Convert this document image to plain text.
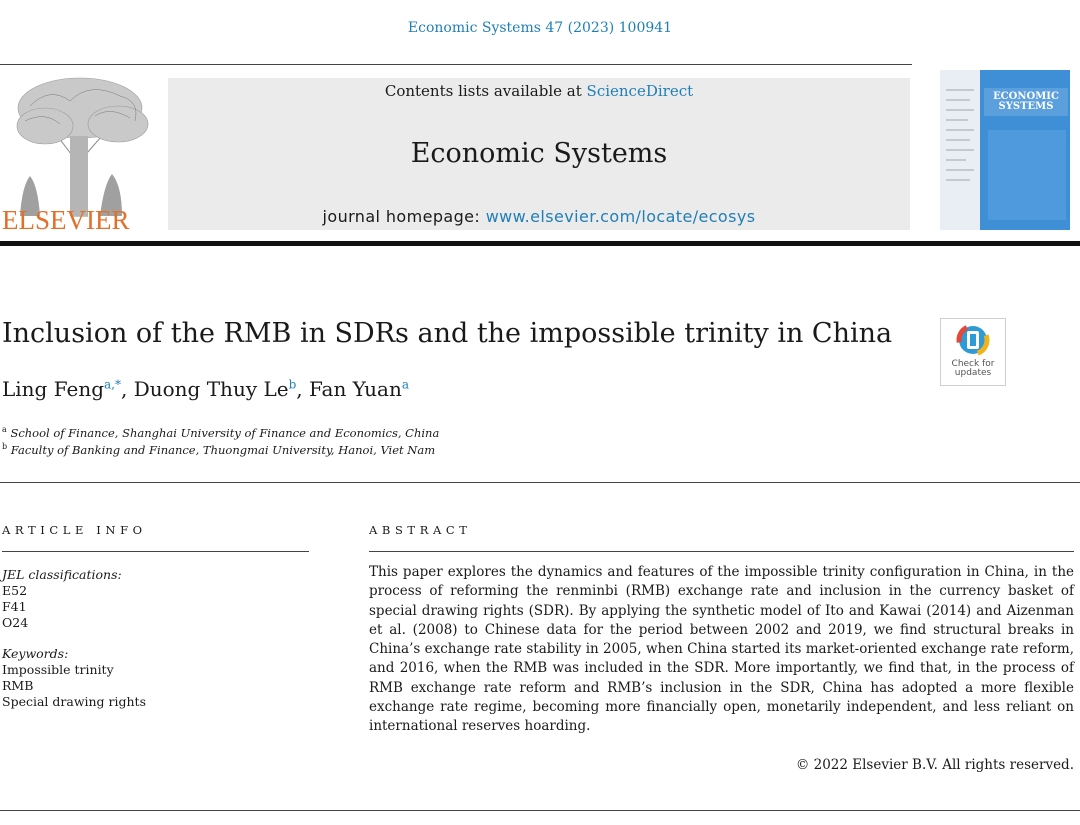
Economic Systems 47 (2023) 100941
ELSEVIER
Contents lists available at ScienceDirect
Economic Systems
journal homepage: www.elsevier.com/locate/ecosys
ECONOMIC SYSTEMS
Inclusion of the RMB in SDRs and the impossible trinity in China
Check for
updates
Ling Feng$^{a,*}$, Duong Thuy Le$^b$, Fan Yuan$^a$
$^a$ School of Finance, Shanghai University of Finance and Economics, China
$^b$ Faculty of Banking and Finance, Thuongmai University, Hanoi, Viet Nam
ARTICLE INFO
JEL classifications:
E52
F41
O24
Keywords:
Impossible trinity
RMB
Special drawing rights
ABSTRACT
This paper explores the dynamics and features of the impossible trinity configuration in China, in the process of reforming the renminbi (RMB) exchange rate and inclusion in the currency basket of special drawing rights (SDR). By applying the synthetic model of Ito and Kawai (2014) and Aizenman et al. (2008) to Chinese data for the period between 2002 and 2019, we find structural breaks in China’s exchange rate stability in 2005, when China started its market-oriented exchange rate reform, and 2016, when the RMB was included in the SDR. More importantly, we find that, in the process of RMB exchange rate reform and RMB’s inclusion in the SDR, China has adopted a more flexible exchange rate regime, becoming more financially open, monetarily independent, and less reliant on international reserves hoarding.
© 2022 Elsevier B.V. All rights reserved.
